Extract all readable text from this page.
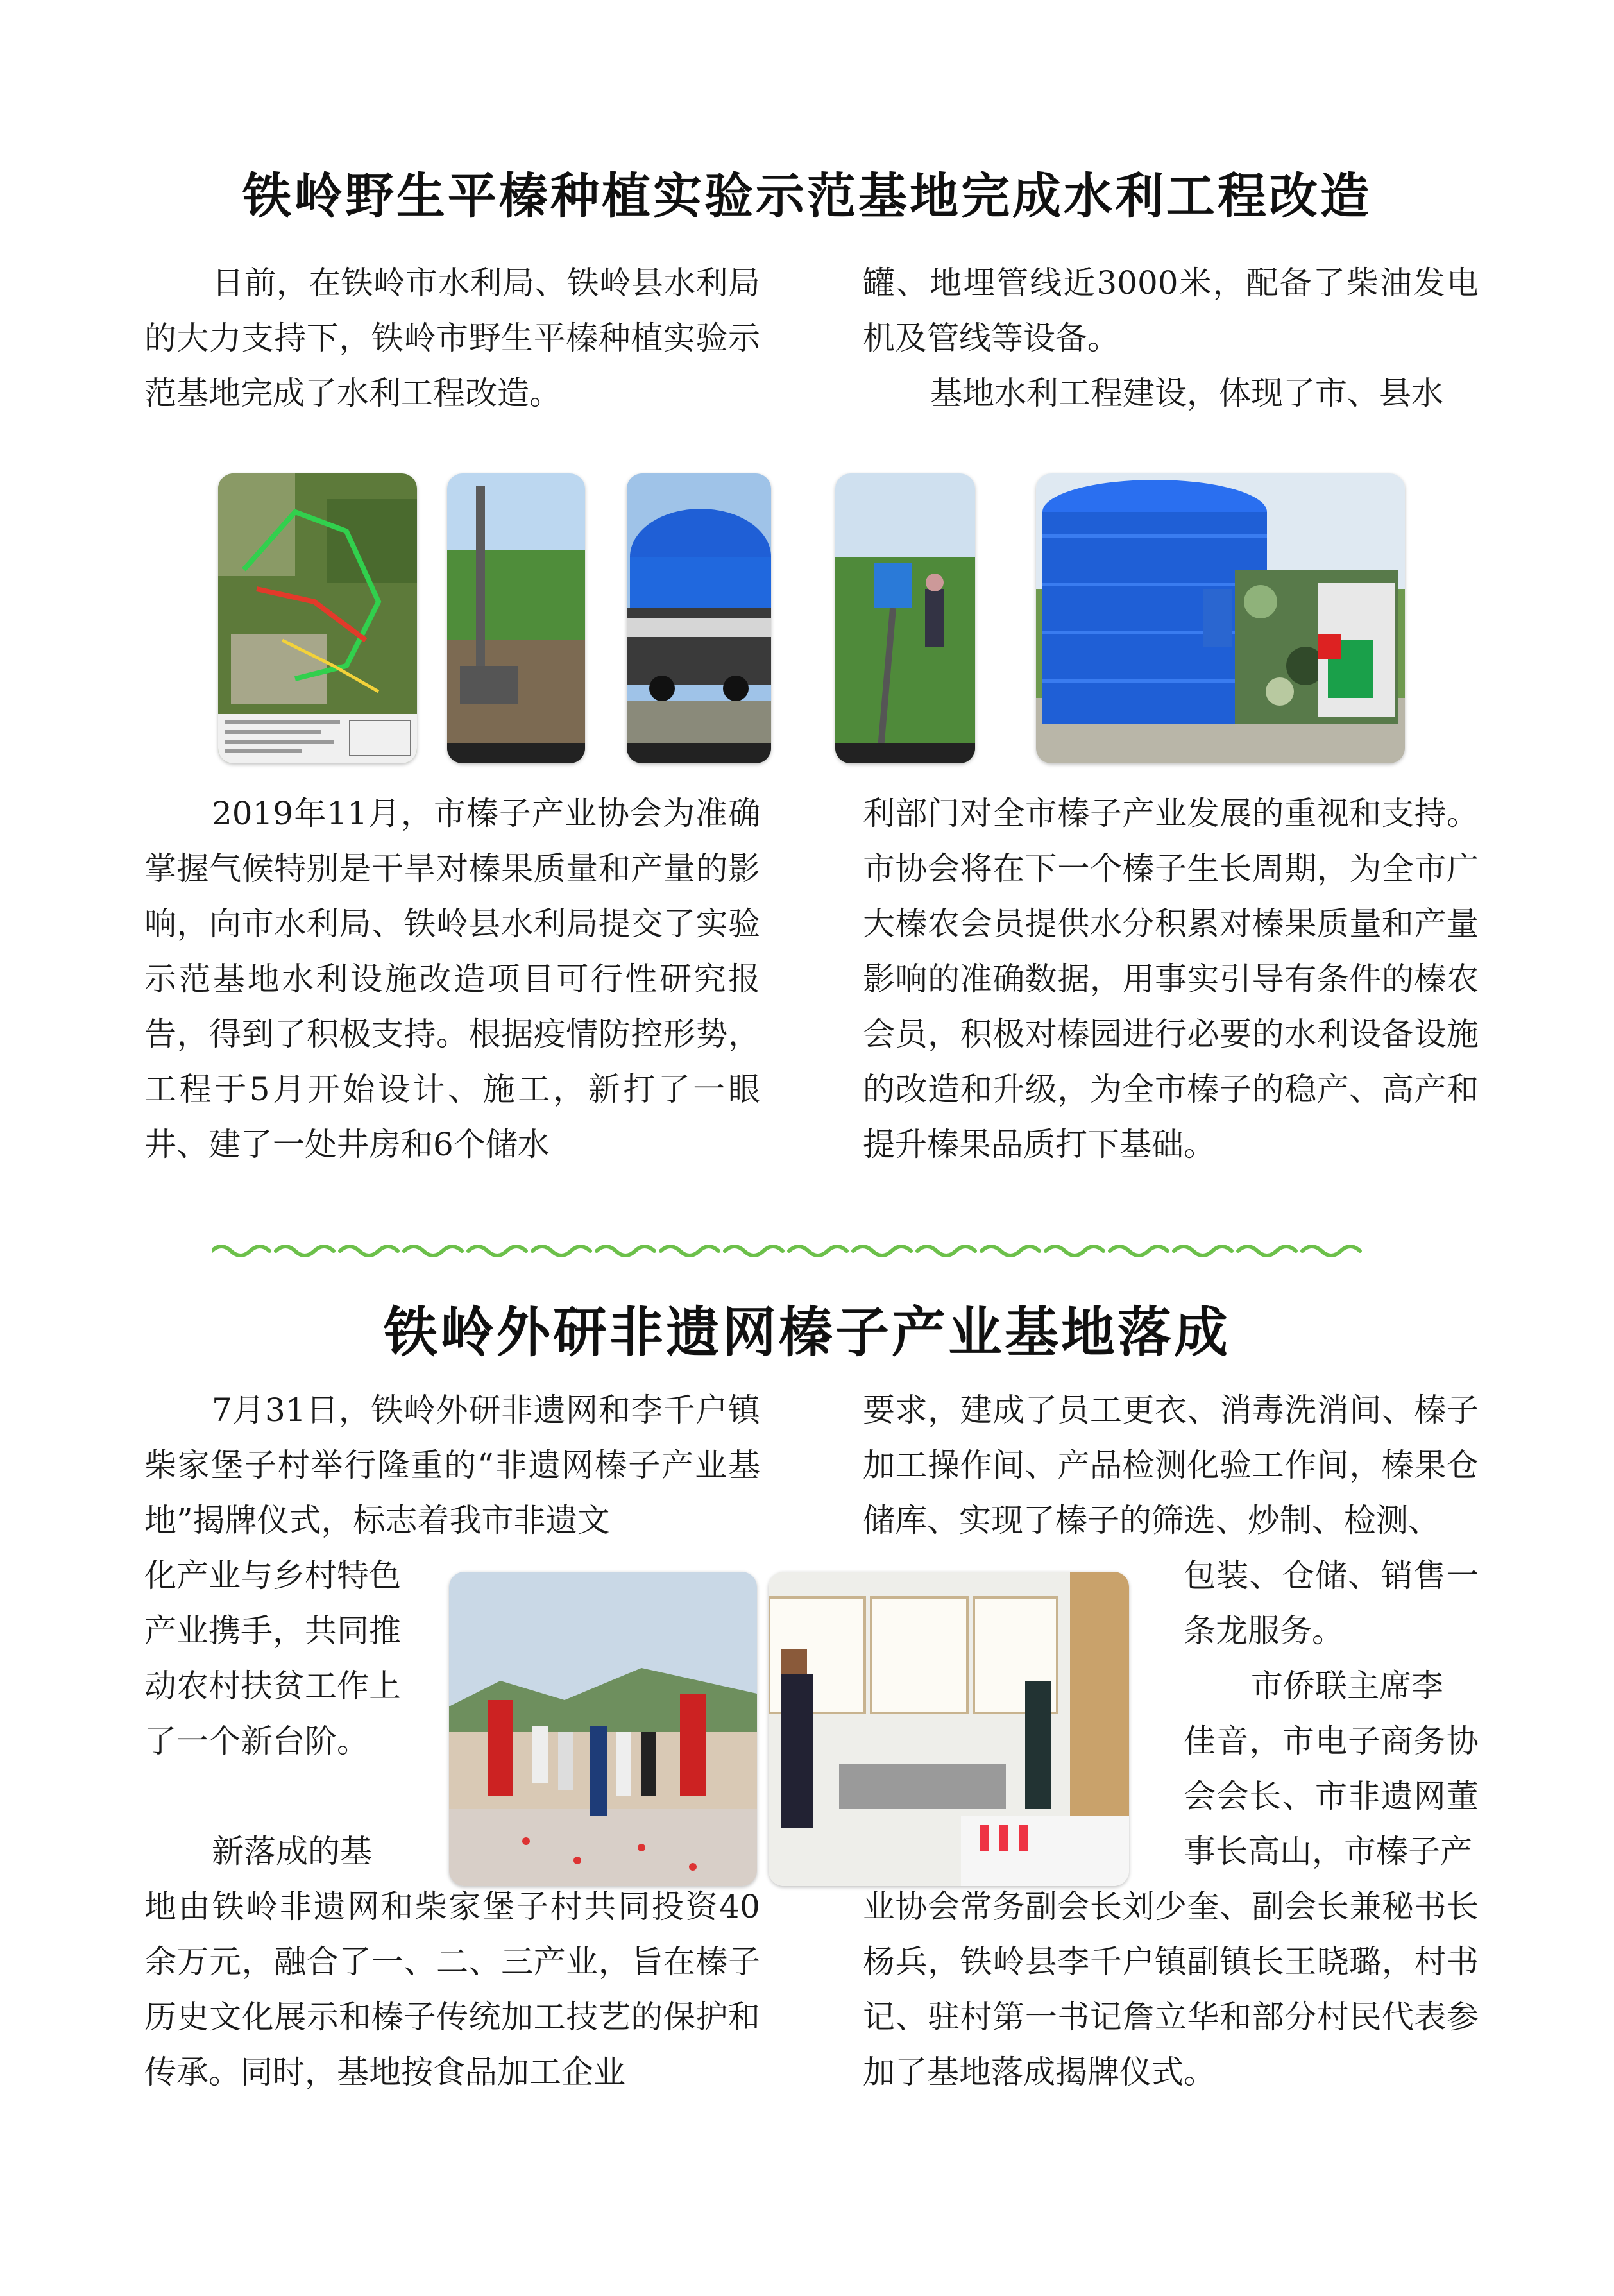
铁岭野生平榛种植实验示范基地完成水利工程改造

日前，在铁岭市水利局、铁岭县水利局的大力支持下，铁岭市野生平榛种植实验示范基地完成了水利工程改造。

罐、地埋管线近3000米，配备了柴油发电机及管线等设备。

基地水利工程建设，体现了市、县水

2019年11月，市榛子产业协会为准确掌握气候特别是干旱对榛果质量和产量的影响，向市水利局、铁岭县水利局提交了实验示范基地水利设施改造项目可行性研究报告，得到了积极支持。根据疫情防控形势，工程于5月开始设计、施工，新打了一眼井、建了一处井房和6个储水

利部门对全市榛子产业发展的重视和支持。市协会将在下一个榛子生长周期，为全市广大榛农会员提供水分积累对榛果质量和产量影响的准确数据，用事实引导有条件的榛农会员，积极对榛园进行必要的水利设备设施的改造和升级，为全市榛子的稳产、高产和提升榛果品质打下基础。

铁岭外研非遗网榛子产业基地落成

7月31日，铁岭外研非遗网和李千户镇柴家堡子村举行隆重的“非遗网榛子产业基地”揭牌仪式，标志着我市非遗文

要求，建成了员工更衣、消毒洗消间、榛子加工操作间、产品检测化验工作间，榛果仓储库、实现了榛子的筛选、炒制、检测、

化产业与乡村特色产业携手，共同推动农村扶贫工作上了一个新台阶。

新落成的基

包装、仓储、销售一条龙服务。

市侨联主席李

佳音，市电子商务协会会长、市非遗网董事长高山，市榛子产

地由铁岭非遗网和柴家堡子村共同投资40余万元，融合了一、二、三产业，旨在榛子历史文化展示和榛子传统加工技艺的保护和传承。同时，基地按食品加工企业

业协会常务副会长刘少奎、副会长兼秘书长杨兵，铁岭县李千户镇副镇长王晓璐，村书记、驻村第一书记詹立华和部分村民代表参加了基地落成揭牌仪式。
